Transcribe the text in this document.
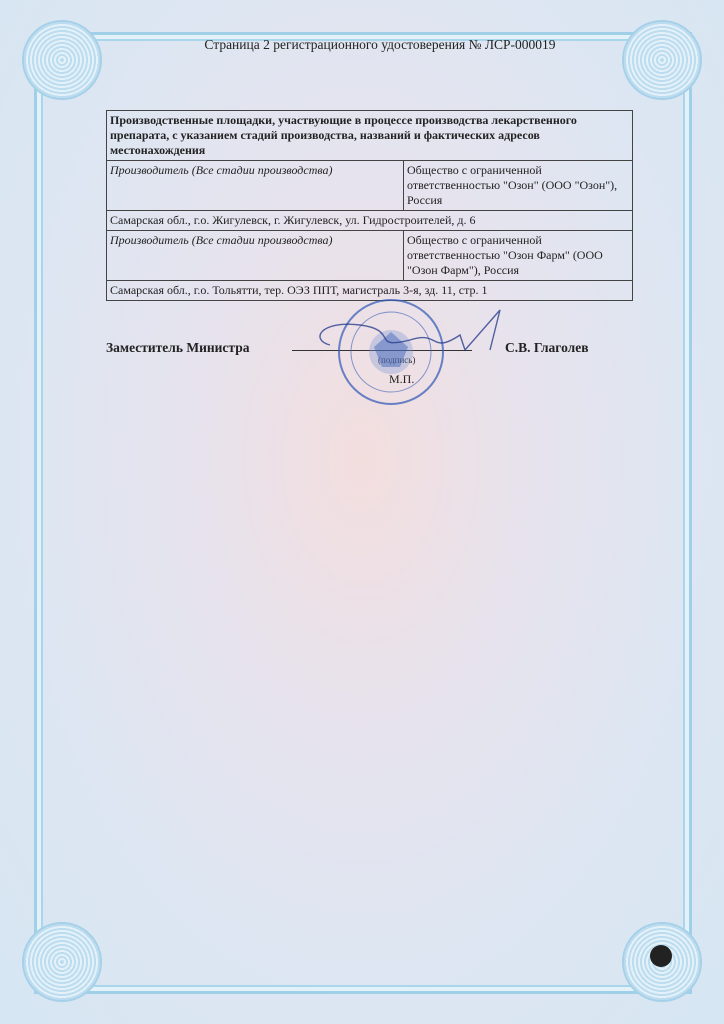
Страница 2 регистрационного удостоверения № ЛСР-000019
Производственные площадки, участвующие в процессе производства лекарственного препарата, с указанием стадий производства, названий и фактических адресов местонахождения	
Производитель (Все стадии производства)	Общество с ограниченной ответственностью "Озон" (ООО "Озон"), Россия
Самарская обл., г.о. Жигулевск, г. Жигулевск, ул. Гидростроителей, д. 6	
Производитель (Все стадии производства)	Общество с ограниченной ответственностью "Озон Фарм" (ООО "Озон Фарм"), Россия
Самарская обл., г.о. Тольятти, тер. ОЭЗ ППТ, магистраль 3-я, зд. 11, стр. 1	
Заместитель Министра
(подпись)
М.П.
С.В. Глаголев
